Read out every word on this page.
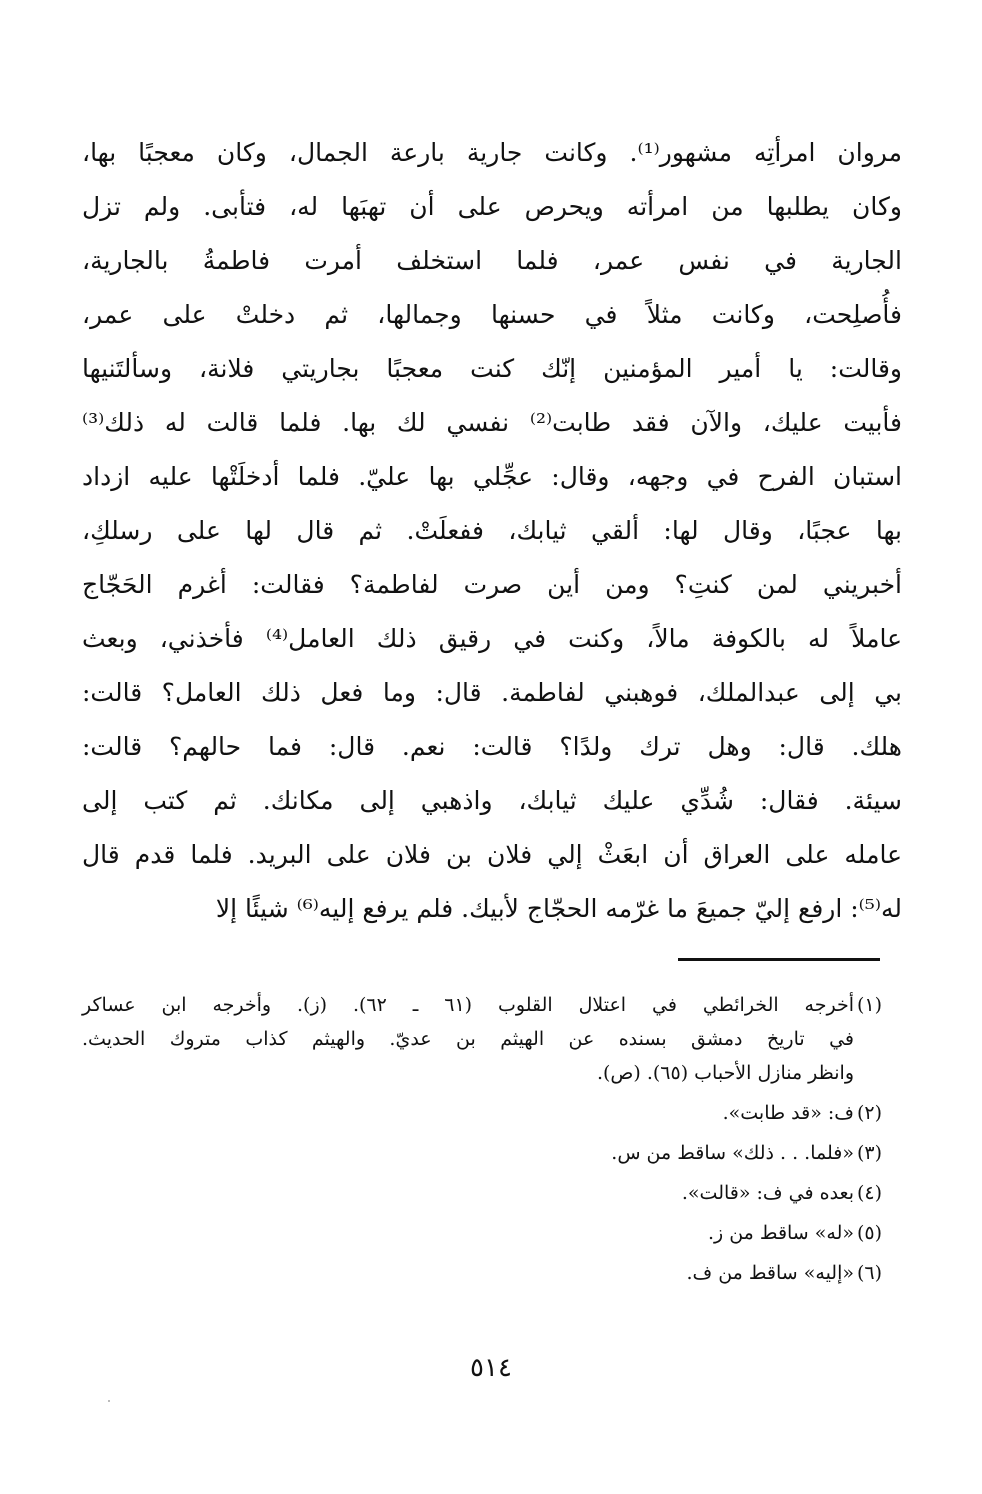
مروان امرأتِه مشهور⁽¹⁾. وكانت جارية بارعة الجمال، وكان معجبًا بها،
وكان يطلبها من امرأته ويحرص على أن تهبَها له، فتأبى. ولم تزل
الجارية في نفس عمر، فلما استخلف أمرت فاطمةُ بالجارية،
فأُصلِحت، وكانت مثلاً في حسنها وجمالها، ثم دخلتْ على عمر،
وقالت: يا أمير المؤمنين إنّك كنت معجبًا بجاريتي فلانة، وسألتَنيها
فأبيت عليك، والآن فقد طابت⁽²⁾ نفسي لك بها. فلما قالت له ذلك⁽³⁾
استبان الفرح في وجهه، وقال: عجِّلي بها عليّ. فلما أدخلَتْها عليه ازداد
بها عجبًا، وقال لها: ألقي ثيابك، ففعلَتْ. ثم قال لها على رسلكِ،
أخبريني لمن كنتِ؟ ومن أين صرت لفاطمة؟ فقالت: أغرم الحَجّاج
عاملاً له بالكوفة مالاً، وكنت في رقيق ذلك العامل⁽⁴⁾ فأخذني، وبعث
بي إلى عبدالملك، فوهبني لفاطمة. قال: وما فعل ذلك العامل؟ قالت:
هلك. قال: وهل ترك ولدًا؟ قالت: نعم. قال: فما حالهم؟ قالت:
سيئة. فقال: شُدِّي عليك ثيابك، واذهبي إلى مكانك. ثم كتب إلى
عامله على العراق أن ابعَثْ إلي فلان بن فلان على البريد. فلما قدم قال
له⁽⁵⁾: ارفع إليّ جميعَ ما غرّمه الحجّاج لأبيك. فلم يرفع إليه⁽⁶⁾ شيئًا إلا
(١)
أخرجه الخرائطي في اعتلال القلوب (٦١ ـ ٦٢). (ز). وأخرجه ابن عساكر
في تاريخ دمشق بسنده عن الهيثم بن عديّ. والهيثم كذاب متروك الحديث.
وانظر منازل الأحباب (٦٥). (ص).
(٢)
ف: «قد طابت».
(٣)
«فلما. . . ذلك» ساقط من س.
(٤)
بعده في ف: «قالت».
(٥)
«له» ساقط من ز.
(٦)
«إليه» ساقط من ف.
٥١٤
